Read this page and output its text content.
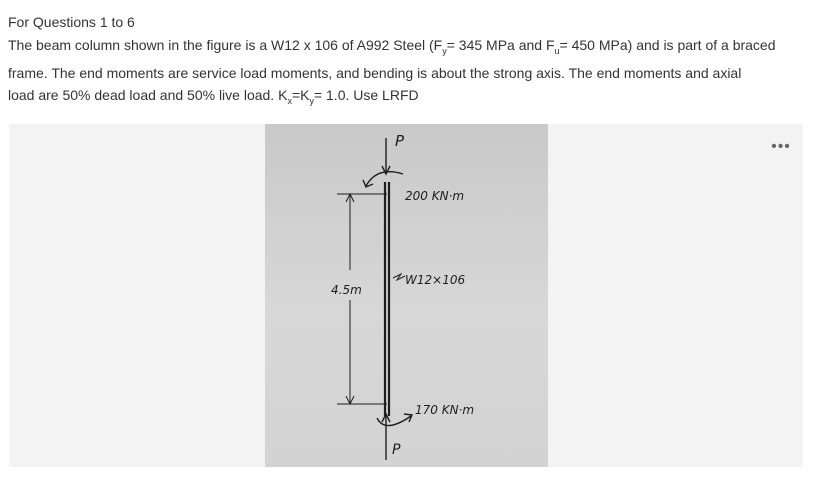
For Questions 1 to 6
The beam column shown in the figure is a W12 x 106 of A992 Steel ($F_y= 345$ MPa and $F_u= 450$ MPa) and is part of a braced
frame. The end moments are service load moments, and bending is about the strong axis. The end moments and axial
load are 50% dead load and 50% live load. $K_x=K_y= 1.0$. Use LRFD
P
200 KN·m
4.5m
W12×106
170 KN·m
P
•••
